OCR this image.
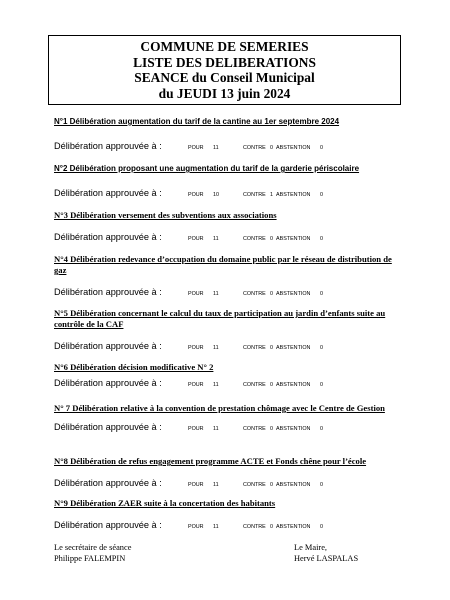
COMMUNE DE SEMERIES
LISTE DES DELIBERATIONS
SEANCE du Conseil Municipal
du JEUDI 13 juin 2024

N°1 Délibération augmentation du tarif de la cantine au 1er septembre 2024

Délibération approuvée à :	POUR 11	CONTRE 0 ABSTENTION 0

N°2 Délibération proposant une augmentation du tarif de la garderie périscolaire

Délibération approuvée à :	POUR 10	CONTRE 1 ABSTENTION 0

N°3 Délibération versement des subventions aux associations

Délibération approuvée à :	POUR 11	CONTRE 0 ABSTENTION 0

N°4 Délibération redevance d’occupation du domaine public par le réseau de distribution de gaz

Délibération approuvée à :	POUR 11	CONTRE 0 ABSTENTION 0

N°5 Délibération concernant le calcul du taux de participation au jardin d’enfants suite au contrôle de la CAF

Délibération approuvée à :	POUR 11	CONTRE 0 ABSTENTION 0

N°6 Délibération décision modificative N° 2

Délibération approuvée à :	POUR 11	CONTRE 0 ABSTENTION 0

N° 7 Délibération relative à la convention de prestation chômage avec le Centre de Gestion

Délibération approuvée à :	POUR 11	CONTRE 0 ABSTENTION 0

N°8 Délibération de refus engagement programme ACTE et Fonds chêne pour l’école

Délibération approuvée à :	POUR 11	CONTRE 0 ABSTENTION 0

N°9 Délibération ZAER suite à la concertation des habitants

Délibération approuvée à :	POUR 11	CONTRE 0 ABSTENTION 0
Le secrétaire de séance
Philippe FALEMPIN
Le Maire,
Hervé LASPALAS
